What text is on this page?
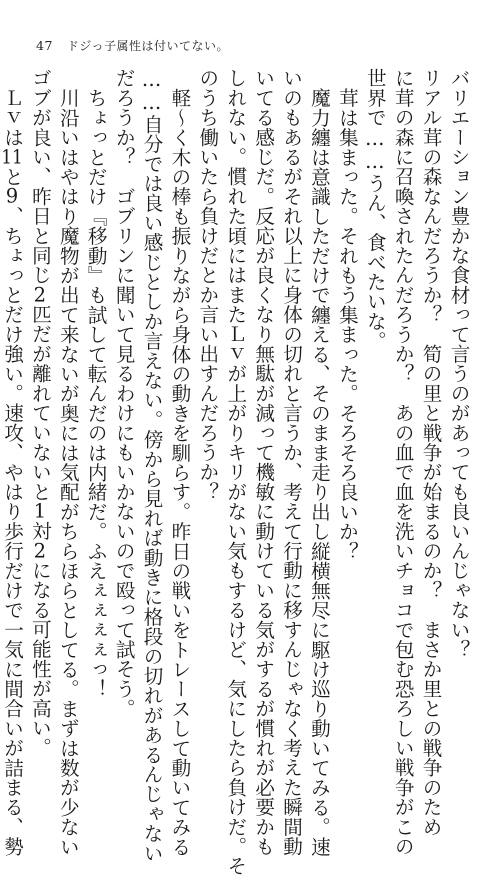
47 ドジっ子属性は付いてない。
バリエーション豊かな食材って言うのがあっても良いんじゃない？
リアル茸の森なんだろうか？　筍の里と戦争が始まるのか？　まさか里との戦争のため
に茸の森に召喚されたんだろうか？　あの血で血を洗いチョコで包む恐ろしい戦争がこの
世界で……うん、食べたいな。
茸は集まった。それもう集まった。そろそろ良いか？
魔力纏は意識しただけで纏える、そのまま走り出し縦横無尽に駆け巡り動いてみる。速
いのもあるがそれ以上に身体の切れと言うか、考えて行動に移すんじゃなく考えた瞬間動
いてる感じだ。反応が良くなり無駄が減って機敏に動けている気がするが慣れが必要かも
しれない。慣れた頃にはまたＬｖが上がりキリがない気もするけど、気にしたら負けだ。そ
のうち働いたら負けだとか言い出すんだろうか？
軽～く木の棒も振りながら身体の動きを馴らす。昨日の戦いをトレースして動いてみる
……自分では良い感じとしか言えない。傍から見れば動きに格段の切れがあるんじゃない
だろうか？　ゴブリンに聞いて見るわけにもいかないので殴って試そう。
ちょっとだけ『移動』も試して転んだのは内緒だ。ふえぇぇぇぇっ！
川沿いはやはり魔物が出て来ないが奥には気配がちらほらとしてる。まずは数が少ない
ゴブが良い、昨日と同じ2匹だが離れていないと1対2になる可能性が高い。
Ｌｖは11と9、ちょっとだけ強い。速攻、やはり歩行だけで一気に間合いが詰まる、勢
